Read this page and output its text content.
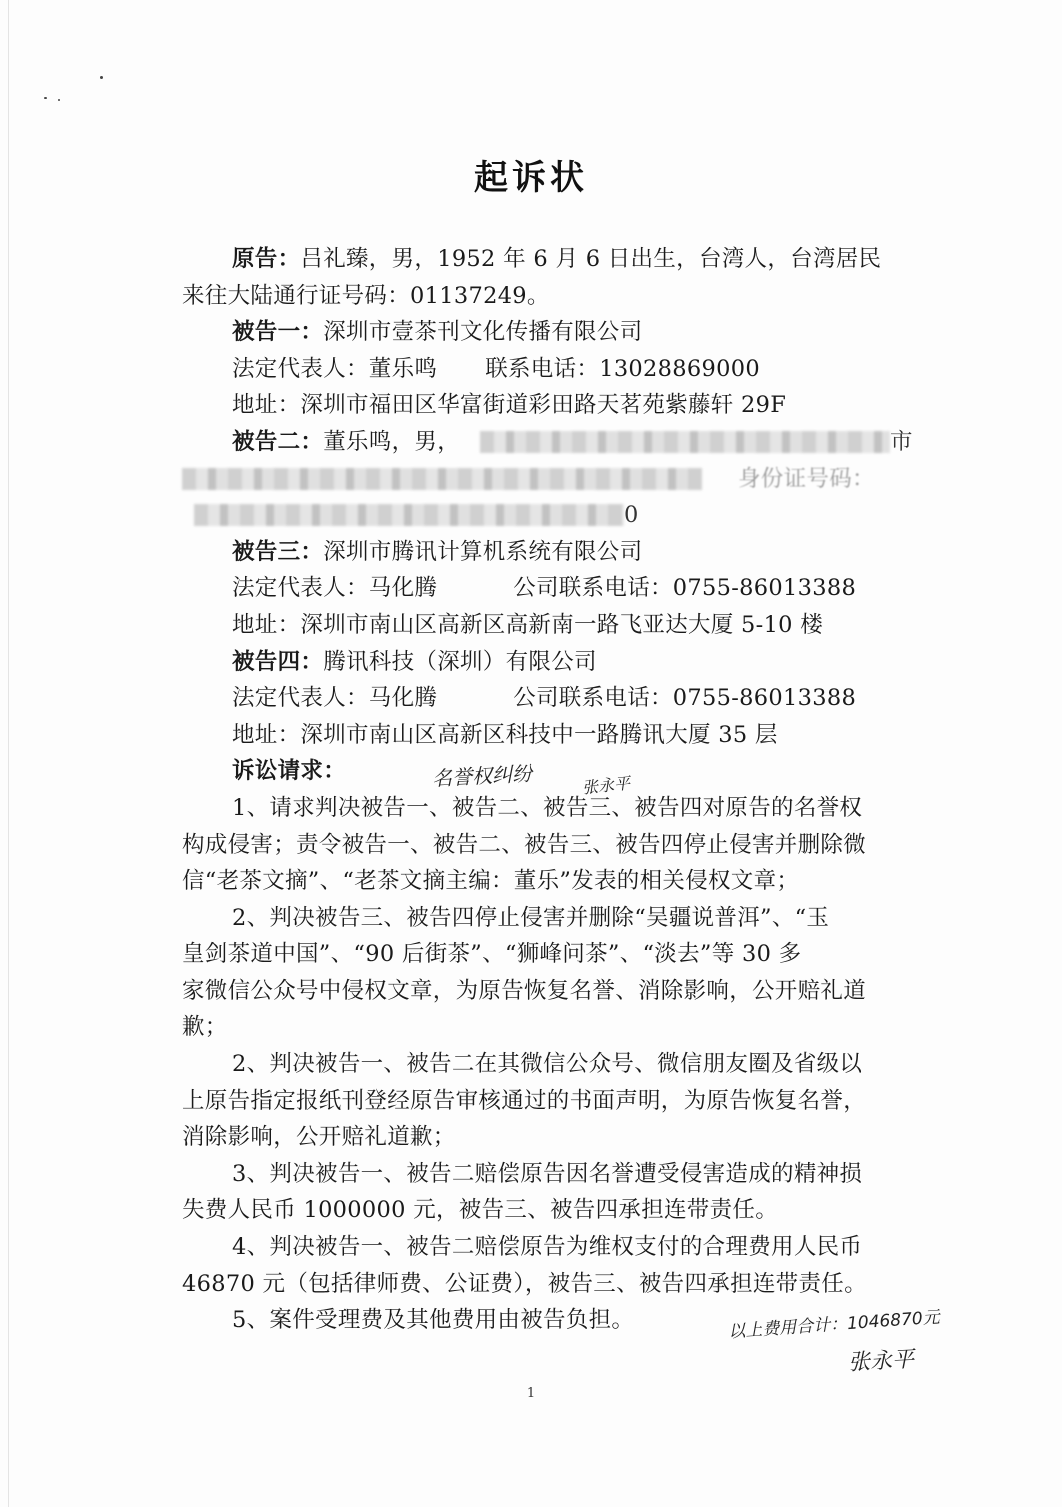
起诉状
原告：吕礼臻，男，1952 年 6 月 6 日出生，台湾人，台湾居民
来往大陆通行证号码：01137249。
被告一：深圳市壹茶刊文化传播有限公司
法定代表人：董乐鸣 联系电话：13028869000
地址：深圳市福田区华富街道彩田路天茗苑紫藤轩 29F
被告二：董乐鸣，男，	市
身份证号码：
0
被告三：深圳市腾讯计算机系统有限公司
法定代表人：马化腾	公司联系电话：0755-86013388
地址：深圳市南山区高新区高新南一路飞亚达大厦 5-10 楼
被告四：腾讯科技（深圳）有限公司
法定代表人：马化腾	公司联系电话：0755-86013388
地址：深圳市南山区高新区科技中一路腾讯大厦 35 层
诉讼请求：
1、请求判决被告一、被告二、被告三、被告四对原告的名誉权
构成侵害；责令被告一、被告二、被告三、被告四停止侵害并删除微
信“老茶文摘”、“老茶文摘主编：董乐”发表的相关侵权文章；
2、判决被告三、被告四停止侵害并删除“吴疆说普洱”、“玉
皇剑茶道中国”、“90 后街茶”、“狮峰问茶”、“淡去”等 30 多
家微信公众号中侵权文章，为原告恢复名誉、消除影响，公开赔礼道
歉；
2、判决被告一、被告二在其微信公众号、微信朋友圈及省级以
上原告指定报纸刊登经原告审核通过的书面声明，为原告恢复名誉，
消除影响，公开赔礼道歉；
3、判决被告一、被告二赔偿原告因名誉遭受侵害造成的精神损
失费人民币 1000000 元，被告三、被告四承担连带责任。
4、判决被告一、被告二赔偿原告为维权支付的合理费用人民币
46870 元（包括律师费、公证费），被告三、被告四承担连带责任。
5、案件受理费及其他费用由被告负担。
名誉权纠纷	张永平
以上费用合计：1046870元
张永平
1
